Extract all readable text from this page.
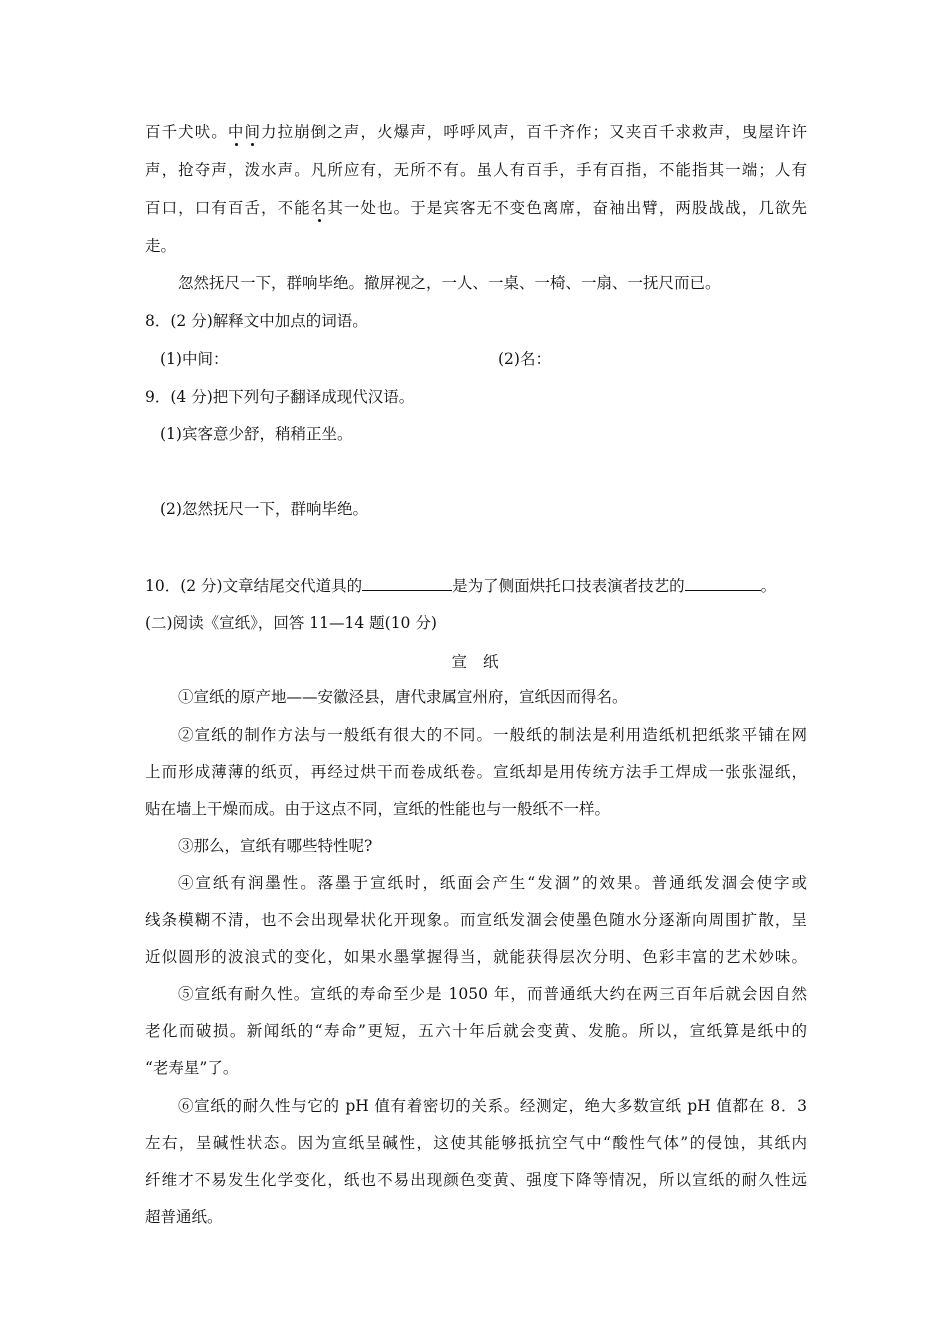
百千犬吠。中间力拉崩倒之声，火爆声，呼呼风声，百千齐作；又夹百千求救声，曳屋许许
声，抢夺声，泼水声。凡所应有，无所不有。虽人有百手，手有百指，不能指其一端；人有
百口，口有百舌，不能名其一处也。于是宾客无不变色离席，奋袖出臂，两股战战，几欲先
走。
忽然抚尺一下，群响毕绝。撤屏视之，一人、一桌、一椅、一扇、一抚尺而已。
8．(2 分)解释文中加点的词语。
(1)中间：	(2)名：
9．(4 分)把下列句子翻译成现代汉语。
(1)宾客意少舒，稍稍正坐。
(2)忽然抚尺一下，群响毕绝。
10．(2 分)文章结尾交代道具的	是为了侧面烘托口技表演者技艺的	。
(二)阅读《宣纸》，回答 11—14 题(10 分)
宣纸
①宣纸的原产地——安徽泾县，唐代隶属宣州府，宣纸因而得名。
②宣纸的制作方法与一般纸有很大的不同。一般纸的制法是利用造纸机把纸浆平铺在网
上而形成薄薄的纸页，再经过烘干而卷成纸卷。宣纸却是用传统方法手工焊成一张张湿纸，
贴在墙上干燥而成。由于这点不同，宣纸的性能也与一般纸不一样。
③那么，宣纸有哪些特性呢?
④宣纸有润墨性。落墨于宣纸时，纸面会产生“发涸”的效果。普通纸发涸会使字或
线条模糊不清，也不会出现晕状化开现象。而宣纸发涸会使墨色随水分逐渐向周围扩散，呈
近似圆形的波浪式的变化，如果水墨掌握得当，就能获得层次分明、色彩丰富的艺术妙味。
⑤宣纸有耐久性。宣纸的寿命至少是 1050 年，而普通纸大约在两三百年后就会因自然
老化而破损。新闻纸的“寿命”更短，五六十年后就会变黄、发脆。所以，宣纸算是纸中的
“老寿星”了。
⑥宣纸的耐久性与它的 pH 值有着密切的关系。经测定，绝大多数宣纸 pH 值都在 8．3
左右，呈碱性状态。因为宣纸呈碱性，这使其能够抵抗空气中“酸性气体”的侵蚀，其纸内
纤维才不易发生化学变化，纸也不易出现颜色变黄、强度下降等情况，所以宣纸的耐久性远
超普通纸。
